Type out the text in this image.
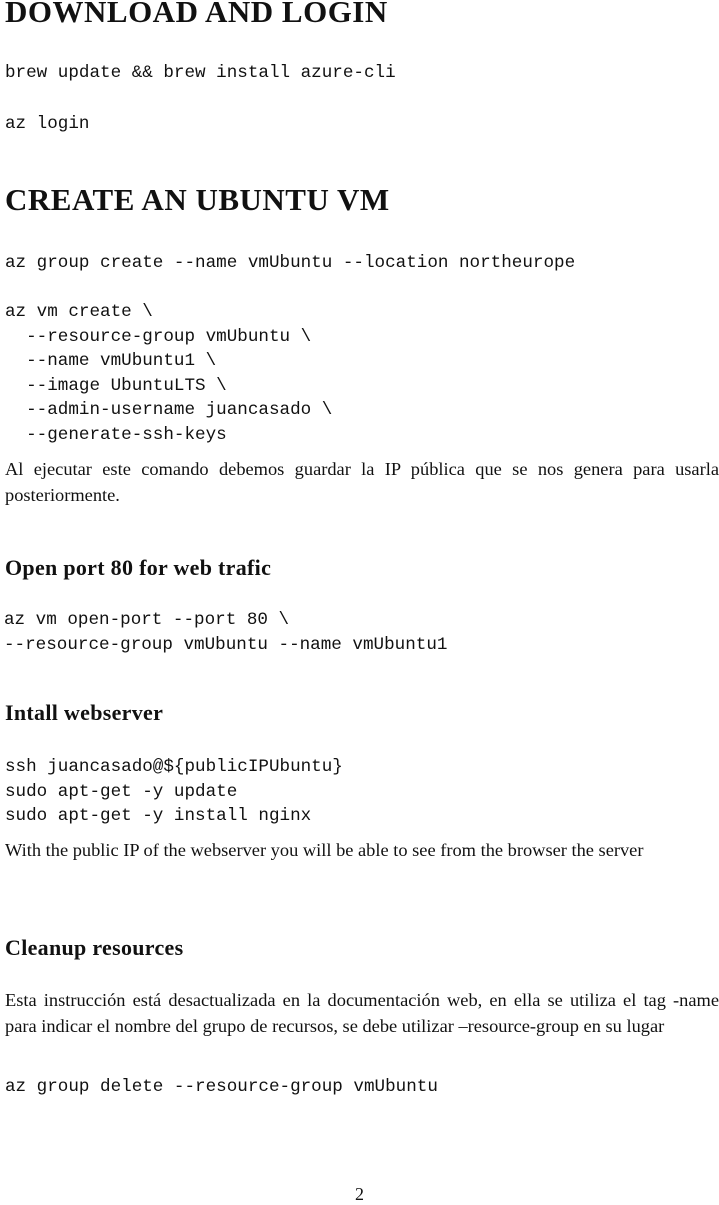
DOWNLOAD AND LOGIN
brew update && brew install azure-cli
az login
CREATE AN UBUNTU VM
az group create --name vmUbuntu --location northeurope
az vm create \
--resource-group vmUbuntu \
--name vmUbuntu1 \
--image UbuntuLTS \
--admin-username juancasado \
--generate-ssh-keys

Al ejecutar este comando debemos guardar la IP pública que se nos genera para usarla posteriormente.

Open port 80 for web trafic
az vm open-port --port 80 \
--resource-group vmUbuntu --name vmUbuntu1
Intall webserver
ssh juancasado@${publicIPUbuntu}
sudo apt-get -y update
sudo apt-get -y install nginx

With the public IP of the webserver you will be able to see from the browser the server

Cleanup resources

Esta instrucción está desactualizada en la documentación web, en ella se utiliza el tag -name para indicar el nombre del grupo de recursos, se debe utilizar –resource-group en su lugar

az group delete --resource-group vmUbuntu
2
